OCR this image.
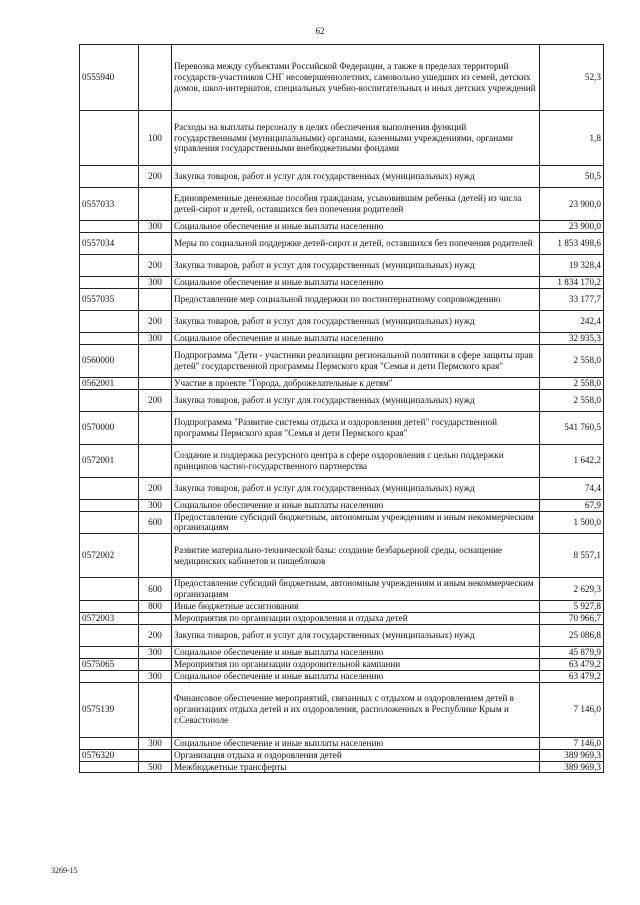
62
0555940		Перевозка между субъектами Российской Федерации, а также в пределах территорий государств-участников СНГ несовершеннолетних, самовольно ушедших из семей, детских домов, школ-интернатов, специальных учебно-воспитательных и иных детских учреждений	52,3
	100	Расходы на выплаты персоналу в целях обеспечения выполнения функций государственными (муниципальными) органами, казенными учреждениями, органами управления государственными внебюджетными фондами	1,8
	200	Закупка товаров, работ и услуг для государственных (муниципальных) нужд	50,5
0557033		Единовременные денежные пособия гражданам, усыновившим ребенка (детей) из числа детей-сирот и детей, оставшихся без попечения родителей	23 900,0
	300	Социальное обеспечение и иные выплаты населению	23 900,0
0557034		Меры по социальной поддержке детей-сирот и детей, оставшихся без попечения родителей	1 853 498,6
	200	Закупка товаров, работ и услуг для государственных (муниципальных) нужд	19 328,4
	300	Социальное обеспечение и иные выплаты населению	1 834 170,2
0557035		Предоставление мер социальной поддержки по постинтернатному сопровождению	33 177,7
	200	Закупка товаров, работ и услуг для государственных (муниципальных) нужд	242,4
	300	Социальное обеспечение и иные выплаты населению	32 935,3
0560000		Подпрограмма "Дети - участники реализации региональной политики в сфере защиты прав детей" государственной программы Пермского края "Семья и дети Пермского края"	2 558,0
0562001		Участие в проекте "Города, доброжелательные к детям"	2 558,0
	200	Закупка товаров, работ и услуг для государственных (муниципальных) нужд	2 558,0
0570000		Подпрограмма "Развитие системы отдыха и оздоровления детей" государственной программы Пермского края "Семья и дети Пермского края"	541 760,5
0572001		Создание и поддержка ресурсного центра в сфере оздоровления с целью поддержки принципов частно-государственного партнерства	1 642,2
	200	Закупка товаров, работ и услуг для государственных (муниципальных) нужд	74,4
	300	Социальное обеспечение и иные выплаты населению	67,9
	600	Предоставление субсидий бюджетным, автономным учреждениям и иным некоммерческим организациям	1 500,0
0572002		Развитие материально-технической базы: создание безбарьерной среды, оснащение медицинских кабинетов и пищеблоков	8 557,1
	600	Предоставление субсидий бюджетным, автономным учреждениям и иным некоммерческим организациям	2 629,3
	800	Иные бюджетные ассигнования	5 927,8
0572003		Мероприятия по организации оздоровления и отдыха детей	70 966,7
	200	Закупка товаров, работ и услуг для государственных (муниципальных) нужд	25 086,8
	300	Социальное обеспечение и иные выплаты населению	45 879,9
0575065		Мероприятия по организации оздоровительной кампании	63 479,2
	300	Социальное обеспечение и иные выплаты населению	63 479,2
0575139		Финансовое обеспечение мероприятий, связанных с отдыхом и оздоровлением детей в организациях отдыха детей и их оздоровления, расположенных в Республике Крым и г.Севастополе	7 146,0
	300	Социальное обеспечение и иные выплаты населению	7 146,0
0576320		Организация отдыха и оздоровления детей	389 969,3
	500	Межбюджетные трансферты	389 969,3
3269-15
